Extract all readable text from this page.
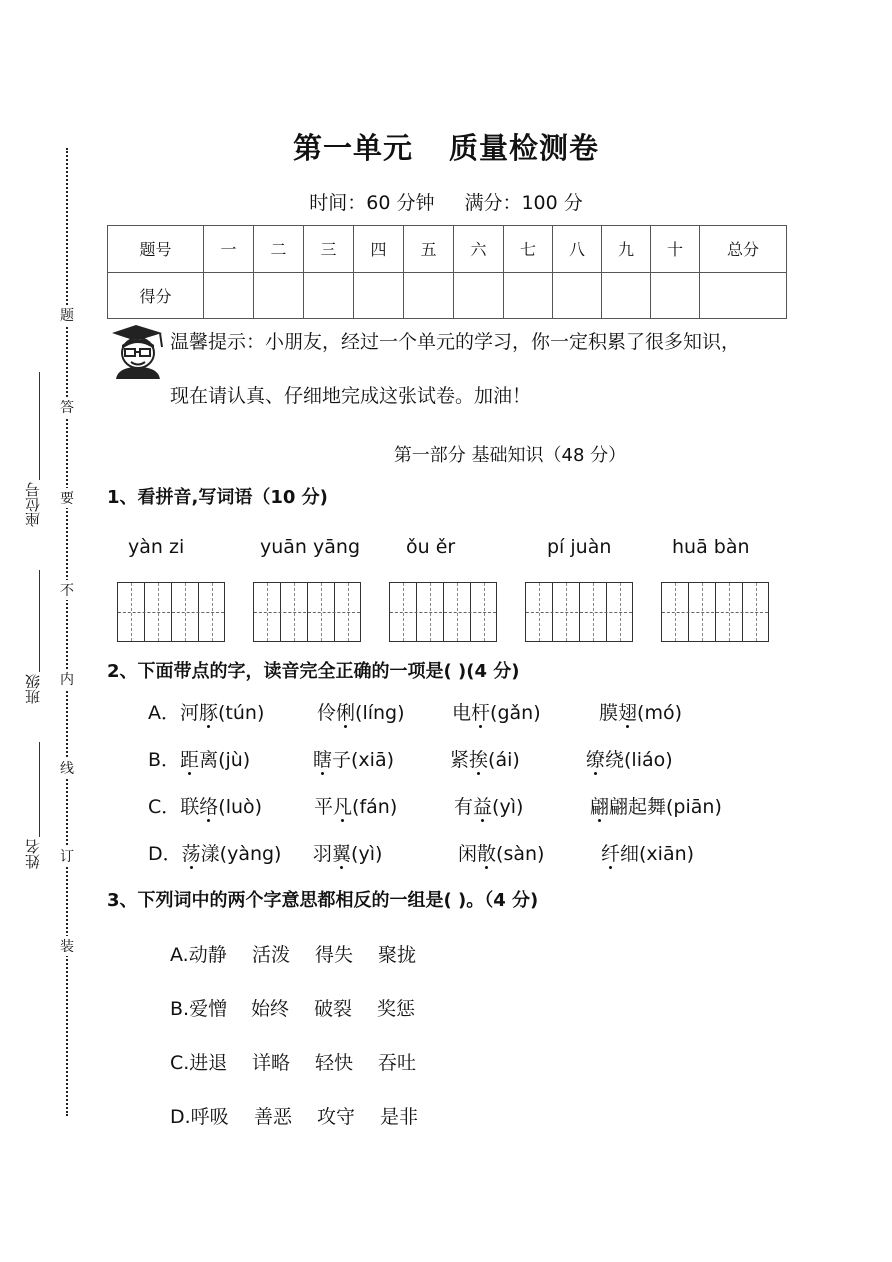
题
答
要
不
内
线
订
装
座位号
班级
姓名
第一单元 质量检测卷
时间：60 分钟 满分：100 分
题号	一	二	三	四	五	六	七	八	九	十	总分
得分											
温馨提示：小朋友，经过一个单元的学习，你一定积累了很多知识，
现在请认真、仔细地完成这张试卷。加油！
第一部分 基础知识（48 分）
1、看拼音,写词语（10 分)
yàn zi	yuān yāng ǒu ěr	pí juàn	huā bàn
2、下面带点的字，读音完全正确的一项是( )(4 分)
A．河豚(tún)	伶俐(líng) 电杆(gǎn)	膜翅(mó)
B．距离(jù)	瞎子(xiā)	紧挨(ái)	缭绕(liáo)
C．联络(luò)	平凡(fán)	有益(yì)	翩翩起舞(piān)
D．荡漾(yàng) 羽翼(yì)	闲散(sàn)	纤细(xiān)
3、下列词中的两个字意思都相反的一组是( )。（4 分)
A.动静 活泼 得失 聚拢
B.爱憎 始终 破裂 奖惩
C.进退 详略 轻快 吞吐
D.呼吸 善恶 攻守 是非
